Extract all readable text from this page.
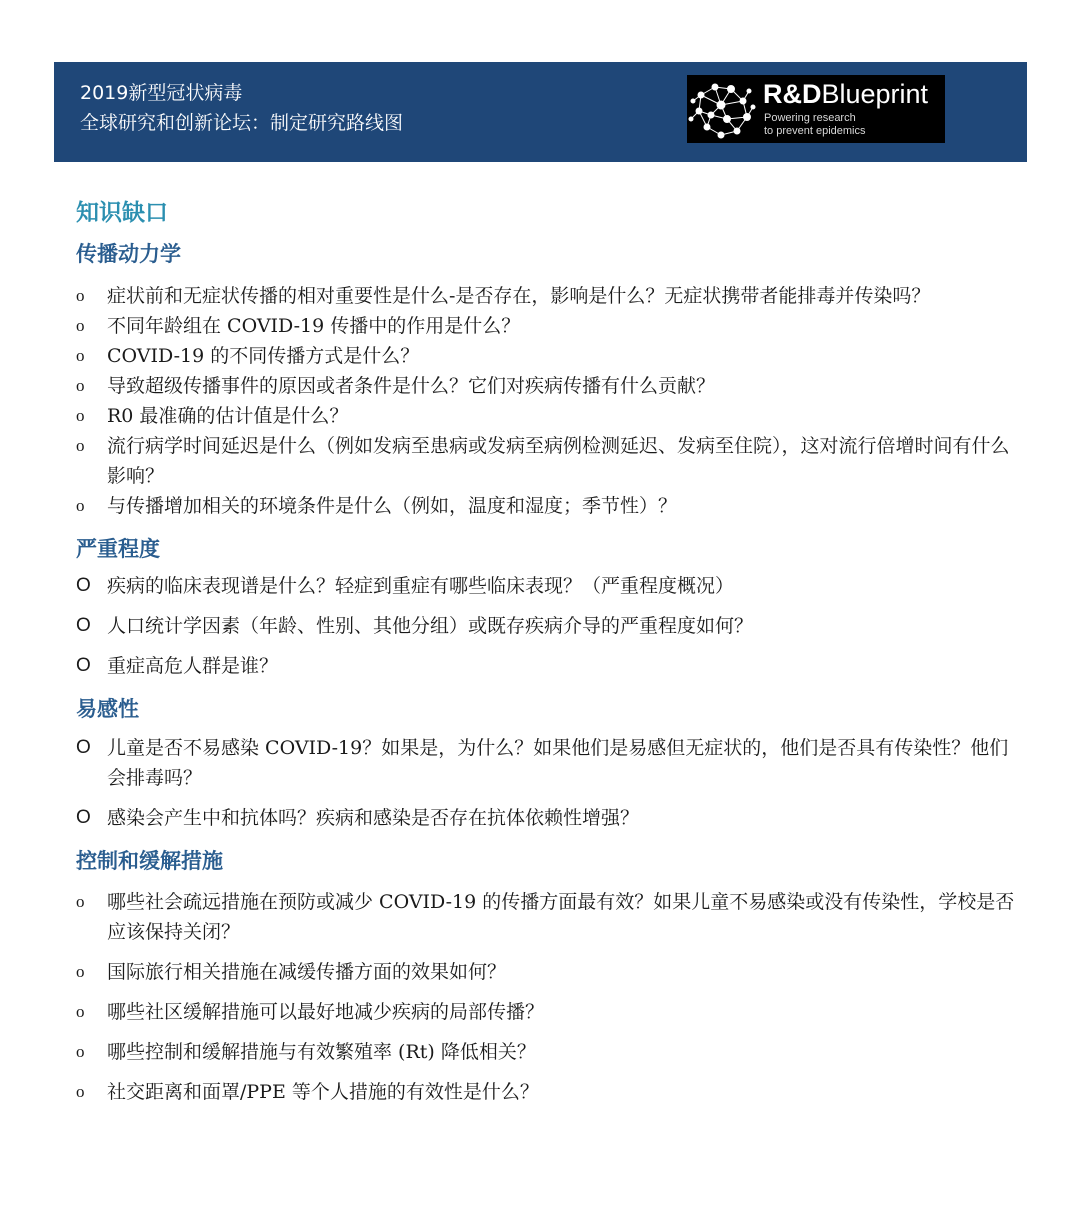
2019新型冠状病毒
全球研究和创新论坛：制定研究路线图
R&DBlueprint
Powering research
to prevent epidemics
知识缺口
传播动力学
o 症状前和无症状传播的相对重要性是什么-是否存在，影响是什么？无症状携带者能排毒并传染吗？
o 不同年龄组在 COVID-19 传播中的作用是什么？
o COVID-19 的不同传播方式是什么？
o 导致超级传播事件的原因或者条件是什么？它们对疾病传播有什么贡献？
o R0 最准确的估计值是什么？
o 流行病学时间延迟是什么（例如发病至患病或发病至病例检测延迟、发病至住院），这对流行倍增时间有什么影响？
o 与传播增加相关的环境条件是什么（例如，温度和湿度；季节性）？
严重程度
O 疾病的临床表现谱是什么？轻症到重症有哪些临床表现？（严重程度概况）
O 人口统计学因素（年龄、性别、其他分组）或既存疾病介导的严重程度如何？
O 重症高危人群是谁？
易感性
O 儿童是否不易感染 COVID-19？如果是，为什么？如果他们是易感但无症状的，他们是否具有传染性？他们会排毒吗？
O 感染会产生中和抗体吗？疾病和感染是否存在抗体依赖性增强？
控制和缓解措施
o 哪些社会疏远措施在预防或减少 COVID-19 的传播方面最有效？如果儿童不易感染或没有传染性，学校是否应该保持关闭？
o 国际旅行相关措施在减缓传播方面的效果如何？
o 哪些社区缓解措施可以最好地减少疾病的局部传播？
o 哪些控制和缓解措施与有效繁殖率 (Rt) 降低相关？
o 社交距离和面罩/PPE 等个人措施的有效性是什么？
